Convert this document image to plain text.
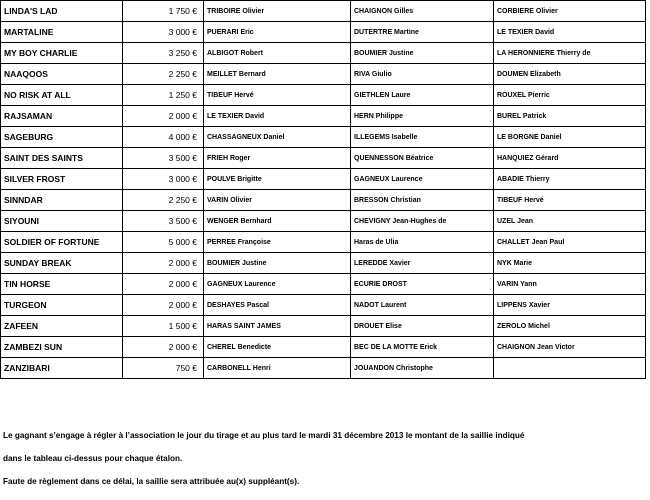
LINDA'S LAD	1 750 €	TRIBOIRE Olivier	CHAIGNON Gilles	CORBIERE Olivier
MARTALINE	3 000 €	PUERARI Eric	DUTERTRE Martine	LE TEXIER David
MY BOY CHARLIE	3 250 €	ALBIGOT Robert	BOUMIER Justine	LA HERONNIERE Thierry de
NAAQOOS	2 250 €	MEILLET Bernard	RIVA Giulio	DOUMEN Elizabeth
NO RISK AT ALL	1 250 €	TIBEUF Hervé	GIETHLEN Laure	ROUXEL Pierric
RAJSAMAN	2 000 €	LE TEXIER David	HERN Philippe	BUREL Patrick
SAGEBURG	4 000 €	CHASSAGNEUX Daniel	ILLEGEMS Isabelle	LE BORGNE Daniel
SAINT DES SAINTS	3 500 €	FRIEH Roger	QUENNESSON Béatrice	HANQUIEZ Gérard
SILVER FROST	3 000 €	POULVE Brigitte	GAGNEUX Laurence	ABADIE Thierry
SINNDAR	2 250 €	VARIN Olivier	BRESSON Christian	TIBEUF Hervé
SIYOUNI	3 500 €	WENGER Bernhard	CHEVIGNY Jean-Hughes de	UZEL Jean
SOLDIER OF FORTUNE	5 000 €	PERREE Françoise	Haras de Ulia	CHALLET Jean Paul
SUNDAY BREAK	2 000 €	BOUMIER Justine	LEREDDE Xavier	NYK Marie
TIN HORSE	2 000 €	GAGNEUX Laurence	ECURIE DROST	VARIN Yann
TURGEON	2 000 €	DESHAYES Pascal	NADOT Laurent	LIPPENS Xavier
ZAFEEN	1 500 €	HARAS SAINT JAMES	DROUET Elise	ZEROLO Michel
ZAMBEZI SUN	2 000 €	CHEREL Benedicte	BEC DE LA MOTTE Erick	CHAIGNON Jean Victor
ZANZIBARI	750 €	CARBONELL Henri	JOUANDON Christophe	

Le gagnant s’engage à régler à l’association le jour du tirage et au plus tard le mardi 31 décembre 2013 le montant de la saillie indiqué

dans le tableau ci-dessus pour chaque étalon.

Faute de règlement dans ce délai, la saillie sera attribuée au(x) suppléant(s).
